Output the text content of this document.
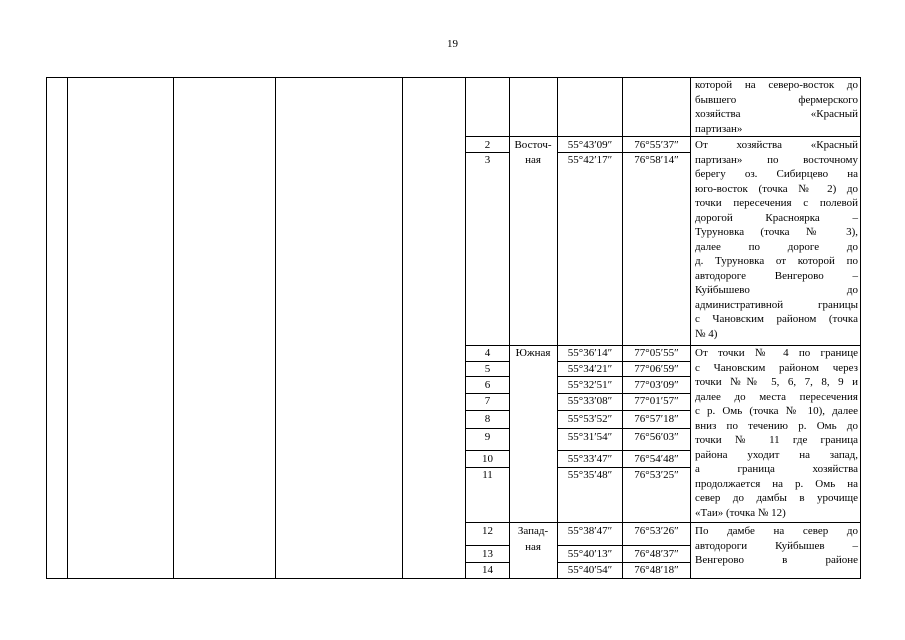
19
2
3
4
5
6
7
8
9
10
11
12
13
14
Восточ-
ная
Южная
Запад-
ная
55°43′09″
55°42′17″
55°36′14″
55°34′21″
55°32′51″
55°33′08″
55°53′52″
55°31′54″
55°33′47″
55°35′48″
55°38′47″
55°40′13″
55°40′54″
76°55′37″
76°58′14″
77°05′55″
77°06′59″
77°03′09″
77°01′57″
76°57′18″
76°56′03″
76°54′48″
76°53′25″
76°53′26″
76°48′37″
76°48′18″
которой на северо-восток до
бывшего фермерского
хозяйства «Красный
партизан»
От хозяйства «Красный
партизан» по восточному
берегу оз. Сибирцево на
юго-восток (точка № 2) до
точки пересечения с полевой
дорогой Красноярка –
Туруновка (точка № 3),
далее по дороге до
д. Туруновка от которой по
автодороге Венгерово –
Куйбышево до
административной границы
с Чановским районом (точка
№ 4)
От точки № 4 по границе
с Чановским районом через
точки №№ 5, 6, 7, 8, 9 и
далее до места пересечения
с р. Омь (точка № 10), далее
вниз по течению р. Омь до
точки № 11 где граница
района уходит на запад,
а граница хозяйства
продолжается на р. Омь на
север до дамбы в урочище
«Таи» (точка № 12)
По дамбе на север до
автодороги Куйбышев –
Венгерово в районе
